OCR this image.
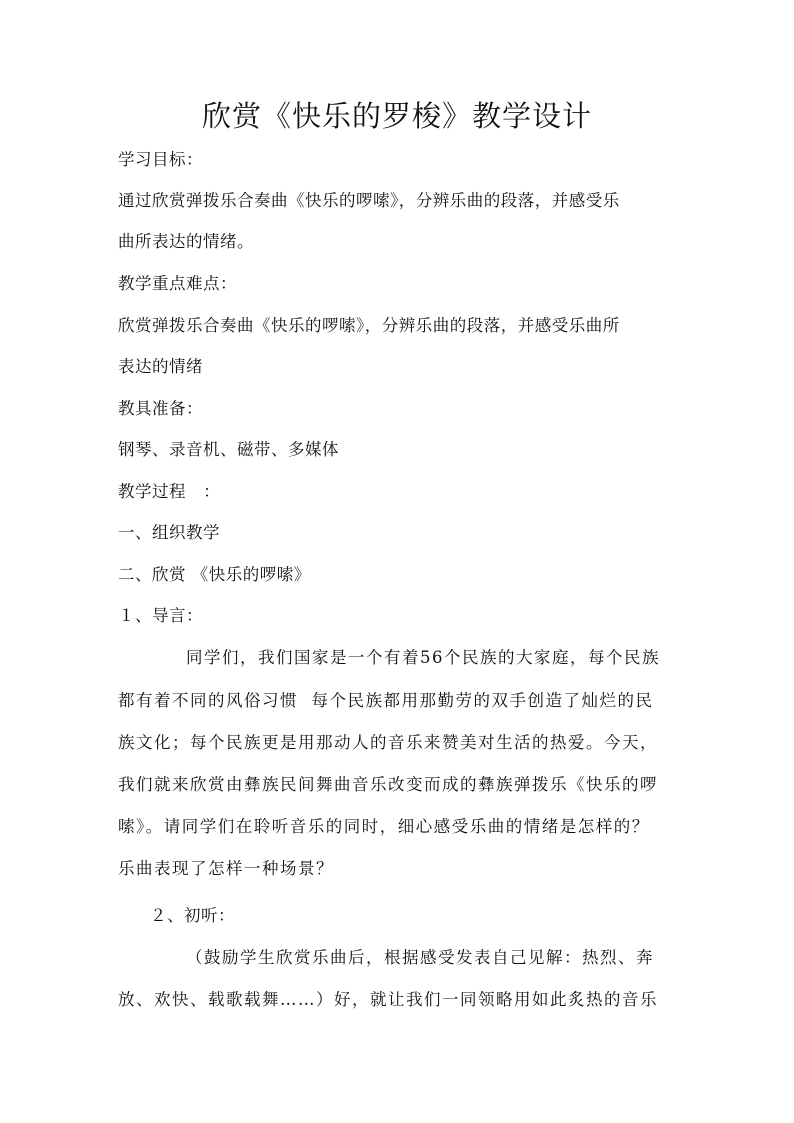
欣赏《快乐的罗梭》教学设计
学习目标：
通过欣赏弹拨乐合奏曲《快乐的啰嗦》，分辨乐曲的段落，并感受乐
曲所表达的情绪。
教学重点难点：
欣赏弹拨乐合奏曲《快乐的啰嗦》，分辨乐曲的段落，并感受乐曲所
表达的情绪
教具准备：
钢琴、录音机、磁带、多媒体
教学过程   ：
一、组织教学
二、欣赏 《快乐的啰嗦》
１、导言：
同学们，我们国家是一个有着56个民族的大家庭，每个民族
都有着不同的风俗习惯  每个民族都用那勤劳的双手创造了灿烂的民
族文化；每个民族更是用那动人的音乐来赞美对生活的热爱。今天，
我们就来欣赏由彝族民间舞曲音乐改变而成的彝族弹拨乐《快乐的啰
嗦》。请同学们在聆听音乐的同时，细心感受乐曲的情绪是怎样的？
乐曲表现了怎样一种场景？
２、初听：
（鼓励学生欣赏乐曲后，根据感受发表自己见解：热烈、奔
放、欢快、载歌载舞……）好，就让我们一同领略用如此炙热的音乐
